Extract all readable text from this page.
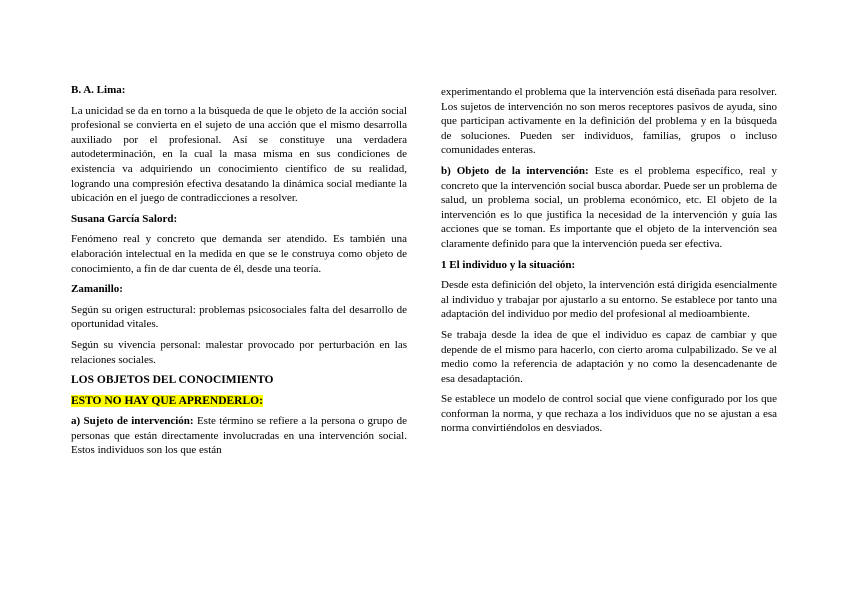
B. A. Lima:

La unicidad se da en torno a la búsqueda de que le objeto de la acción social profesional se convierta en el sujeto de una acción que el mismo desarrolla auxiliado por el profesional. Así se constituye una verdadera autodeterminación, en la cual la masa misma en sus condiciones de existencia va adquiriendo un conocimiento científico de su realidad, logrando una compresión efectiva desatando la dinámica social mediante la ubicación en el juego de contradicciones a resolver.

Susana García Salord:

Fenómeno real y concreto que demanda ser atendido. Es también una elaboración intelectual en la medida en que se le construya como objeto de conocimiento, a fin de dar cuenta de él, desde una teoría.

Zamanillo:

Según su origen estructural: problemas psicosociales falta del desarrollo de oportunidad vitales.

Según su vivencia personal: malestar provocado por perturbación en las relaciones sociales.

LOS OBJETOS DEL CONOCIMIENTO

ESTO NO HAY QUE APRENDERLO:

a) Sujeto de intervención: Este término se refiere a la persona o grupo de personas que están directamente involucradas en una intervención social. Estos individuos son los que están

experimentando el problema que la intervención está diseñada para resolver. Los sujetos de intervención no son meros receptores pasivos de ayuda, sino que participan activamente en la definición del problema y en la búsqueda de soluciones. Pueden ser individuos, familias, grupos o incluso comunidades enteras.

b) Objeto de la intervención: Este es el problema específico, real y concreto que la intervención social busca abordar. Puede ser un problema de salud, un problema social, un problema económico, etc. El objeto de la intervención es lo que justifica la necesidad de la intervención y guía las acciones que se toman. Es importante que el objeto de la intervención sea claramente definido para que la intervención pueda ser efectiva.

1 El individuo y la situación:

Desde esta definición del objeto, la intervención está dirigida esencialmente al individuo y trabajar por ajustarlo a su entorno. Se establece por tanto una adaptación del individuo por medio del profesional al medioambiente.

Se trabaja desde la idea de que el individuo es capaz de cambiar y que depende de el mismo para hacerlo, con cierto aroma culpabilizado. Se ve al medio como la referencia de adaptación y no como la desencadenante de esa desadaptación.

Se establece un modelo de control social que viene configurado por los que conforman la norma, y que rechaza a los individuos que no se ajustan a esa norma convirtiéndolos en desviados.
